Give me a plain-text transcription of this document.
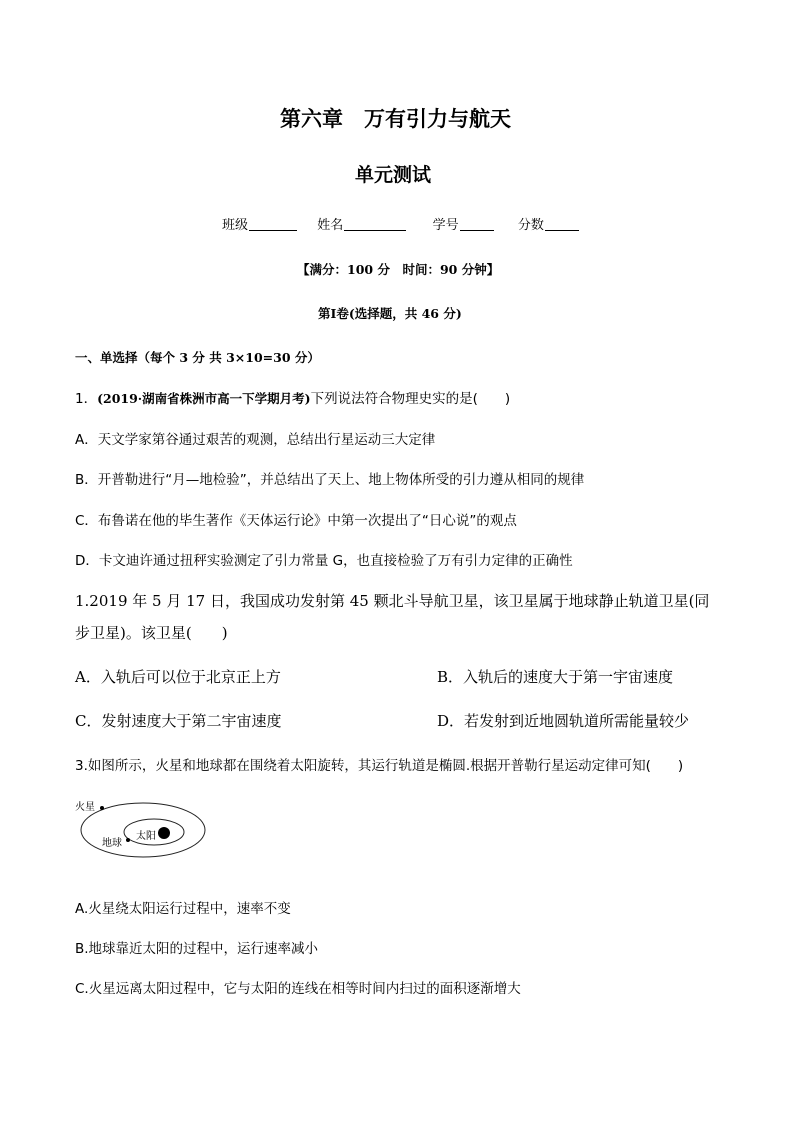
第六章　万有引力与航天
单元测试
班级	姓名	学号	分数
【满分：100 分　时间：90 分钟】
第Ⅰ卷(选择题，共 46 分)
一、单选择（每个 3 分 共 3×10=30 分）
1．(2019·湖南省株洲市高一下学期月考)下列说法符合物理史实的是(　　)
A．天文学家第谷通过艰苦的观测，总结出行星运动三大定律
B．开普勒进行“月—地检验”，并总结出了天上、地上物体所受的引力遵从相同的规律
C．布鲁诺在他的毕生著作《天体运行论》中第一次提出了“日心说”的观点
D．卡文迪许通过扭秤实验测定了引力常量 G，也直接检验了万有引力定律的正确性
1.2019 年 5 月 17 日，我国成功发射第 45 颗北斗导航卫星，该卫星属于地球静止轨道卫星(同
步卫星)。该卫星(　　)
A．入轨后可以位于北京正上方	B．入轨后的速度大于第一宇宙速度
C．发射速度大于第二宇宙速度	D．若发射到近地圆轨道所需能量较少
3.如图所示，火星和地球都在围绕着太阳旋转，其运行轨道是椭圆.根据开普勒行星运动定律可知(　　)
火星
地球
太阳
A.火星绕太阳运行过程中，速率不变
B.地球靠近太阳的过程中，运行速率减小
C.火星远离太阳过程中，它与太阳的连线在相等时间内扫过的面积逐渐增大
